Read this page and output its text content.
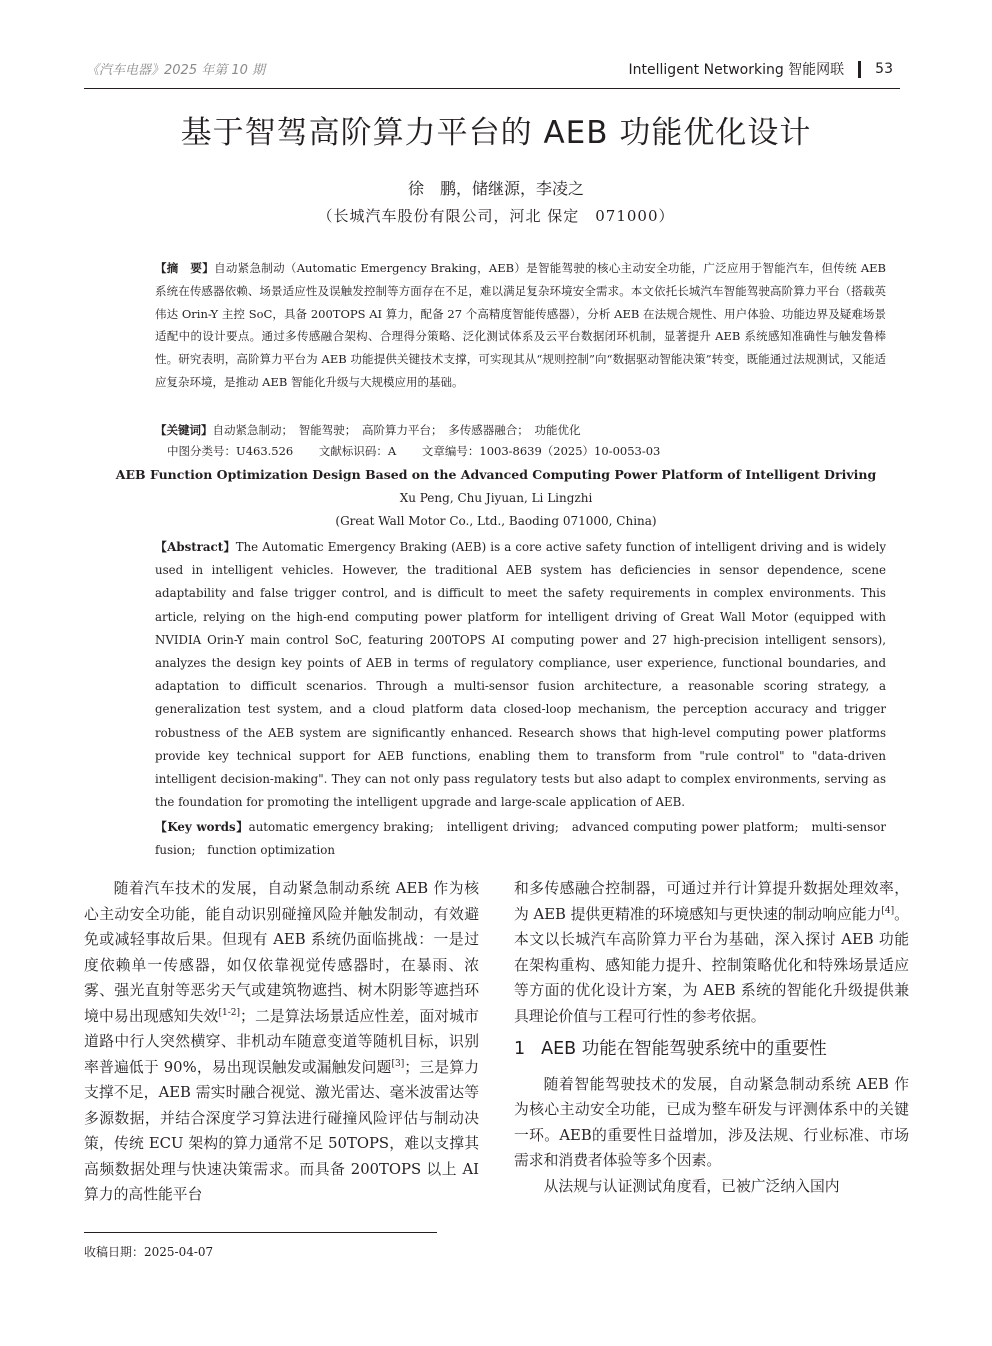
《汽车电器》2025 年第 10 期	Intelligent Networking 智能网联 53
基于智驾高阶算力平台的 AEB 功能优化设计
徐　鹏，储继源，李凌之
（长城汽车股份有限公司，河北 保定　071000）
【摘　要】自动紧急制动（Automatic Emergency Braking，AEB）是智能驾驶的核心主动安全功能，广泛应用于智能汽车，但传统 AEB 系统在传感器依赖、场景适应性及误触发控制等方面存在不足，难以满足复杂环境安全需求。本文依托长城汽车智能驾驶高阶算力平台（搭载英伟达 Orin-Y 主控 SoC，具备 200TOPS AI 算力，配备 27 个高精度智能传感器），分析 AEB 在法规合规性、用户体验、功能边界及疑难场景适配中的设计要点。通过多传感融合架构、合理得分策略、泛化测试体系及云平台数据闭环机制，显著提升 AEB 系统感知准确性与触发鲁棒性。研究表明，高阶算力平台为 AEB 功能提供关键技术支撑，可实现其从“规则控制”向“数据驱动智能决策”转变，既能通过法规测试，又能适应复杂环境，是推动 AEB 智能化升级与大规模应用的基础。
【关键词】自动紧急制动；　智能驾驶；　高阶算力平台；　多传感器融合；　功能优化
中图分类号：U463.526 文献标识码：A 文章编号：1003-8639（2025）10-0053-03
AEB Function Optimization Design Based on the Advanced Computing Power Platform of Intelligent Driving
Xu Peng, Chu Jiyuan, Li Lingzhi
(Great Wall Motor Co., Ltd., Baoding 071000, China)
【Abstract】The Automatic Emergency Braking (AEB) is a core active safety function of intelligent driving and is widely used in intelligent vehicles. However, the traditional AEB system has deficiencies in sensor dependence, scene adaptability and false trigger control, and is difficult to meet the safety requirements in complex environments. This article, relying on the high-end computing power platform for intelligent driving of Great Wall Motor (equipped with NVIDIA Orin-Y main control SoC, featuring 200TOPS AI computing power and 27 high-precision intelligent sensors), analyzes the design key points of AEB in terms of regulatory compliance, user experience, functional boundaries, and adaptation to difficult scenarios. Through a multi-sensor fusion architecture, a reasonable scoring strategy, a generalization test system, and a cloud platform data closed-loop mechanism, the perception accuracy and trigger robustness of the AEB system are significantly enhanced. Research shows that high-level computing power platforms provide key technical support for AEB functions, enabling them to transform from "rule control" to "data-driven intelligent decision-making". They can not only pass regulatory tests but also adapt to complex environments, serving as the foundation for promoting the intelligent upgrade and large-scale application of AEB.
【Key words】automatic emergency braking;　intelligent driving;　advanced computing power platform;　multi-sensor fusion;　function optimization

随着汽车技术的发展，自动紧急制动系统 AEB 作为核心主动安全功能，能自动识别碰撞风险并触发制动，有效避免或减轻事故后果。但现有 AEB 系统仍面临挑战：一是过度依赖单一传感器，如仅依靠视觉传感器时，在暴雨、浓雾、强光直射等恶劣天气或建筑物遮挡、树木阴影等遮挡环境中易出现感知失效[1-2]；二是算法场景适应性差，面对城市道路中行人突然横穿、非机动车随意变道等随机目标，识别率普遍低于 90%，易出现误触发或漏触发问题[3]；三是算力支撑不足，AEB 需实时融合视觉、激光雷达、毫米波雷达等多源数据，并结合深度学习算法进行碰撞风险评估与制动决策，传统 ECU 架构的算力通常不足 50TOPS，难以支撑其高频数据处理与快速决策需求。而具备 200TOPS 以上 AI 算力的高性能平台

和多传感融合控制器，可通过并行计算提升数据处理效率，为 AEB 提供更精准的环境感知与更快速的制动响应能力[4]。本文以长城汽车高阶算力平台为基础，深入探讨 AEB 功能在架构重构、感知能力提升、控制策略优化和特殊场景适应等方面的优化设计方案，为 AEB 系统的智能化升级提供兼具理论价值与工程可行性的参考依据。

1 AEB 功能在智能驾驶系统中的重要性

随着智能驾驶技术的发展，自动紧急制动系统 AEB 作为核心主动安全功能，已成为整车研发与评测体系中的关键一环。AEB的重要性日益增加，涉及法规、行业标准、市场需求和消费者体验等多个因素。

从法规与认证测试角度看，已被广泛纳入国内

收稿日期：2025-04-07
